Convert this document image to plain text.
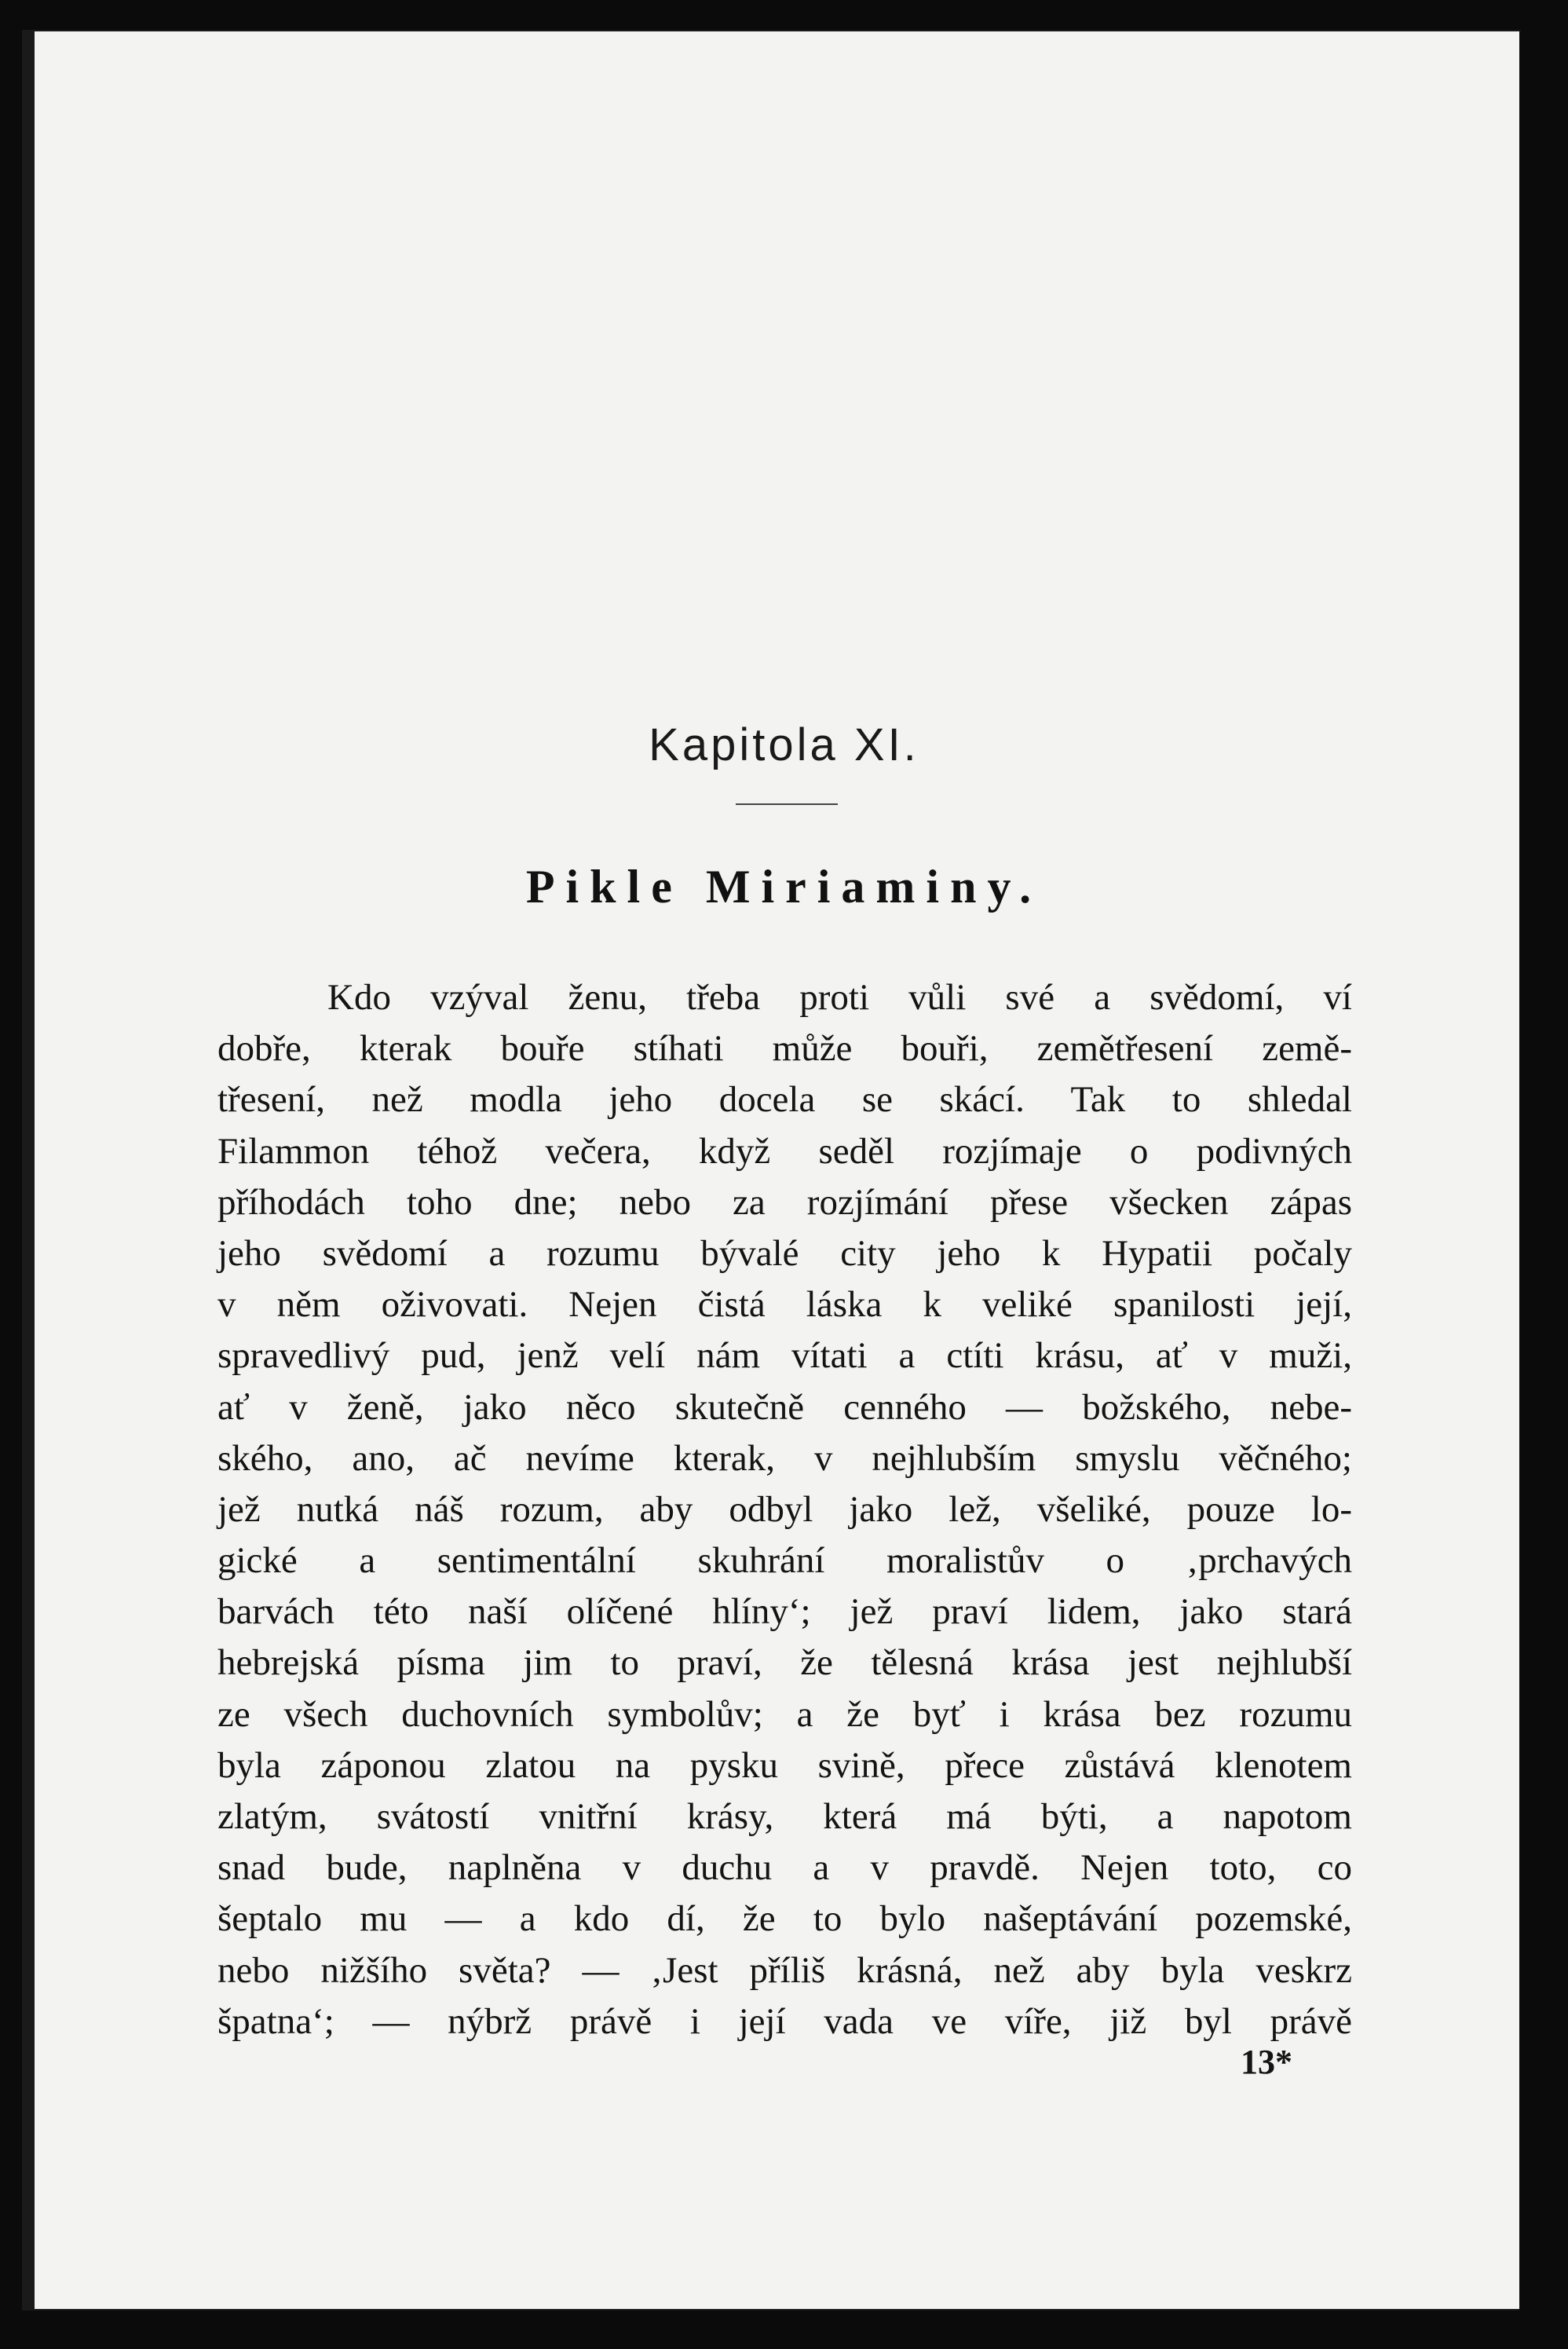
Kapitola XI.
Pikle Miriaminy.
Kdo vzýval ženu, třeba proti vůli své a svědomí, ví
dobře, kterak bouře stíhati může bouři, zemětřesení země-
třesení, než modla jeho docela se skácí. Tak to shledal
Filammon téhož večera, když seděl rozjímaje o podivných
příhodách toho dne; nebo za rozjímání přese všecken zápas
jeho svědomí a rozumu bývalé city jeho k Hypatii počaly
v něm oživovati. Nejen čistá láska k veliké spanilosti její,
spravedlivý pud, jenž velí nám vítati a ctíti krásu, ať v muži,
ať v ženě, jako něco skutečně cenného — božského, nebe-
ského, ano, ač nevíme kterak, v nejhlubším smyslu věčného;
jež nutká náš rozum, aby odbyl jako lež, všeliké, pouze lo-
gické a sentimentální skuhrání moralistův o ‚prchavých
barvách této naší olíčené hlíny‘; jež praví lidem, jako stará
hebrejská písma jim to praví, že tělesná krása jest nejhlubší
ze všech duchovních symbolův; a že byť i krása bez rozumu
byla záponou zlatou na pysku svině, přece zůstává klenotem
zlatým, svátostí vnitřní krásy, která má býti, a napotom
snad bude, naplněna v duchu a v pravdě. Nejen toto, co
šeptalo mu — a kdo dí, že to bylo našeptávání pozemské,
nebo nižšího světa? — ‚Jest příliš krásná, než aby byla veskrz
špatna‘; — nýbrž právě i její vada ve víře, již byl právě
13*
